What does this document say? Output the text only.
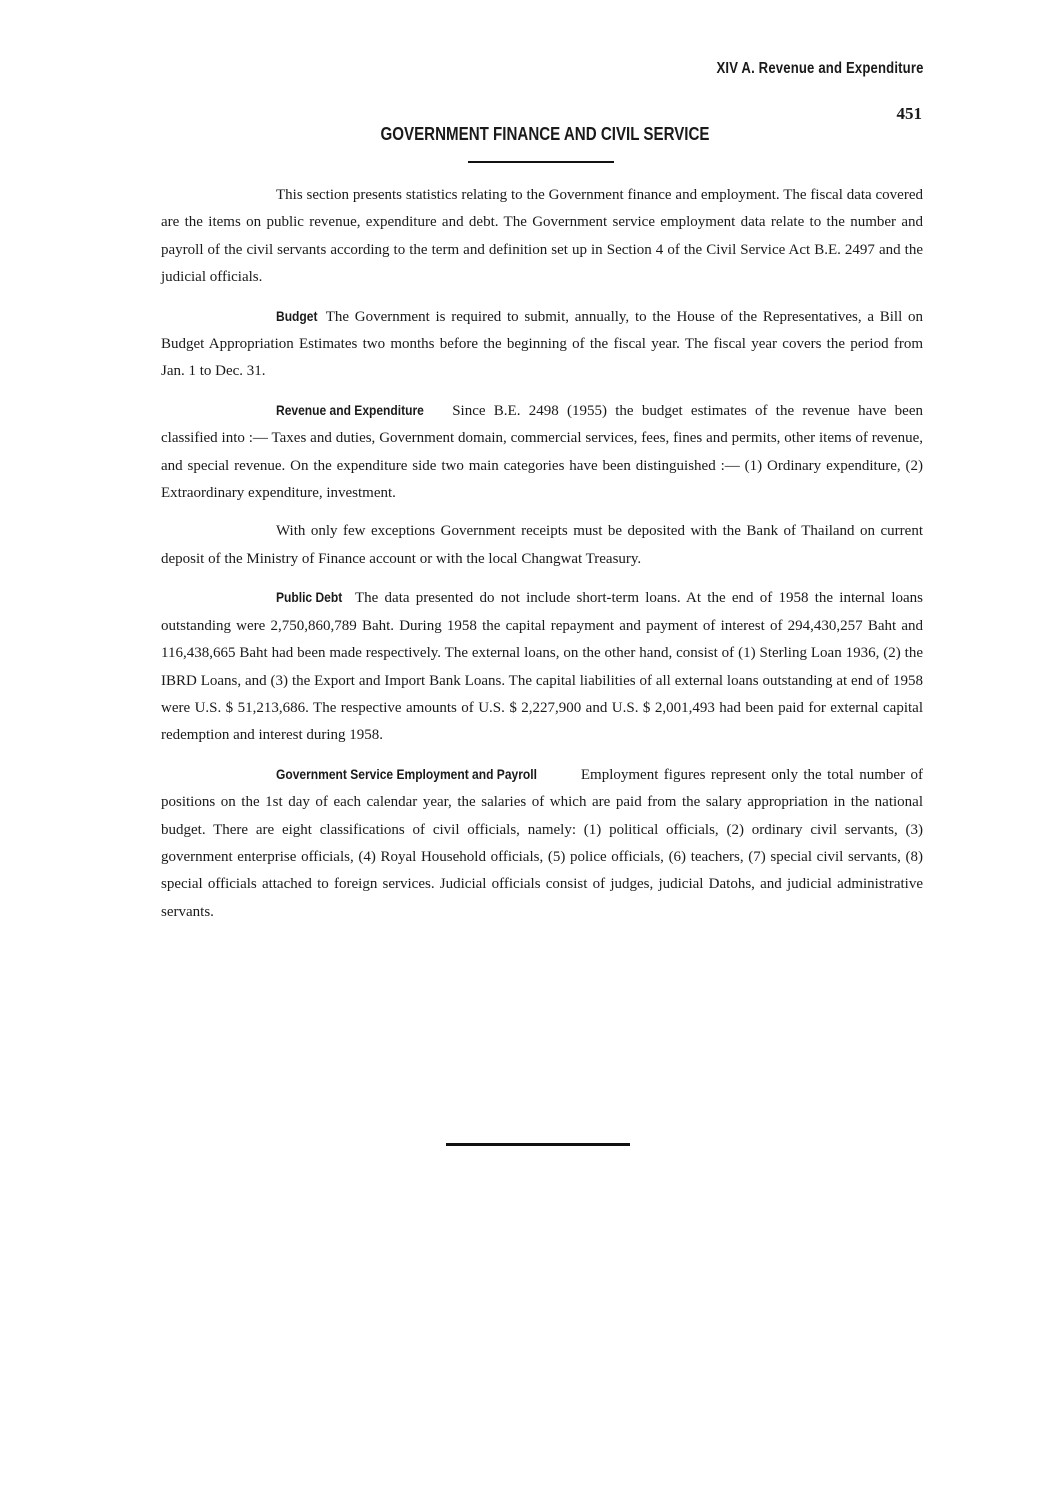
XIV A. Revenue and Expenditure
451
GOVERNMENT FINANCE AND CIVIL SERVICE

This section presents statistics relating to the Government finance and employment. The fiscal data covered are the items on public revenue, expenditure and debt. The Government service employment data relate to the number and payroll of the civil servants according to the term and definition set up in Section 4 of the Civil Service Act B.E. 2497 and the judicial officials.

Budget The Government is required to submit, annually, to the House of the Representatives, a Bill on Budget Appropriation Estimates two months before the beginning of the fiscal year. The fiscal year covers the period from Jan. 1 to Dec. 31.

Revenue and Expenditure Since B.E. 2498 (1955) the budget estimates of the revenue have been classified into :— Taxes and duties, Government domain, commercial services, fees, fines and permits, other items of revenue, and special revenue. On the expenditure side two main categories have been distinguished :— (1) Ordinary expenditure, (2) Extraordinary expenditure, investment.

With only few exceptions Government receipts must be deposited with the Bank of Thailand on current deposit of the Ministry of Finance account or with the local Changwat Treasury.

Public Debt The data presented do not include short-term loans. At the end of 1958 the internal loans outstanding were 2,750,860,789 Baht. During 1958 the capital repayment and payment of interest of 294,430,257 Baht and 116,438,665 Baht had been made respectively. The external loans, on the other hand, consist of (1) Sterling Loan 1936, (2) the IBRD Loans, and (3) the Export and Import Bank Loans. The capital liabilities of all external loans outstanding at end of 1958 were U.S. $ 51,213,686. The respective amounts of U.S. $ 2,227,900 and U.S. $ 2,001,493 had been paid for external capital redemption and interest during 1958.

Government Service Employment and Payroll	Employment figures represent only the total number of positions on the 1st day of each calendar year, the salaries of which are paid from the salary appropriation in the national budget. There are eight classifications of civil officials, namely: (1) political officials, (2) ordinary civil servants, (3) government enterprise officials, (4) Royal Household officials, (5) police officials, (6) teachers, (7) special civil servants, (8) special officials attached to foreign services. Judicial officials consist of judges, judicial Datohs, and judicial administrative servants.
